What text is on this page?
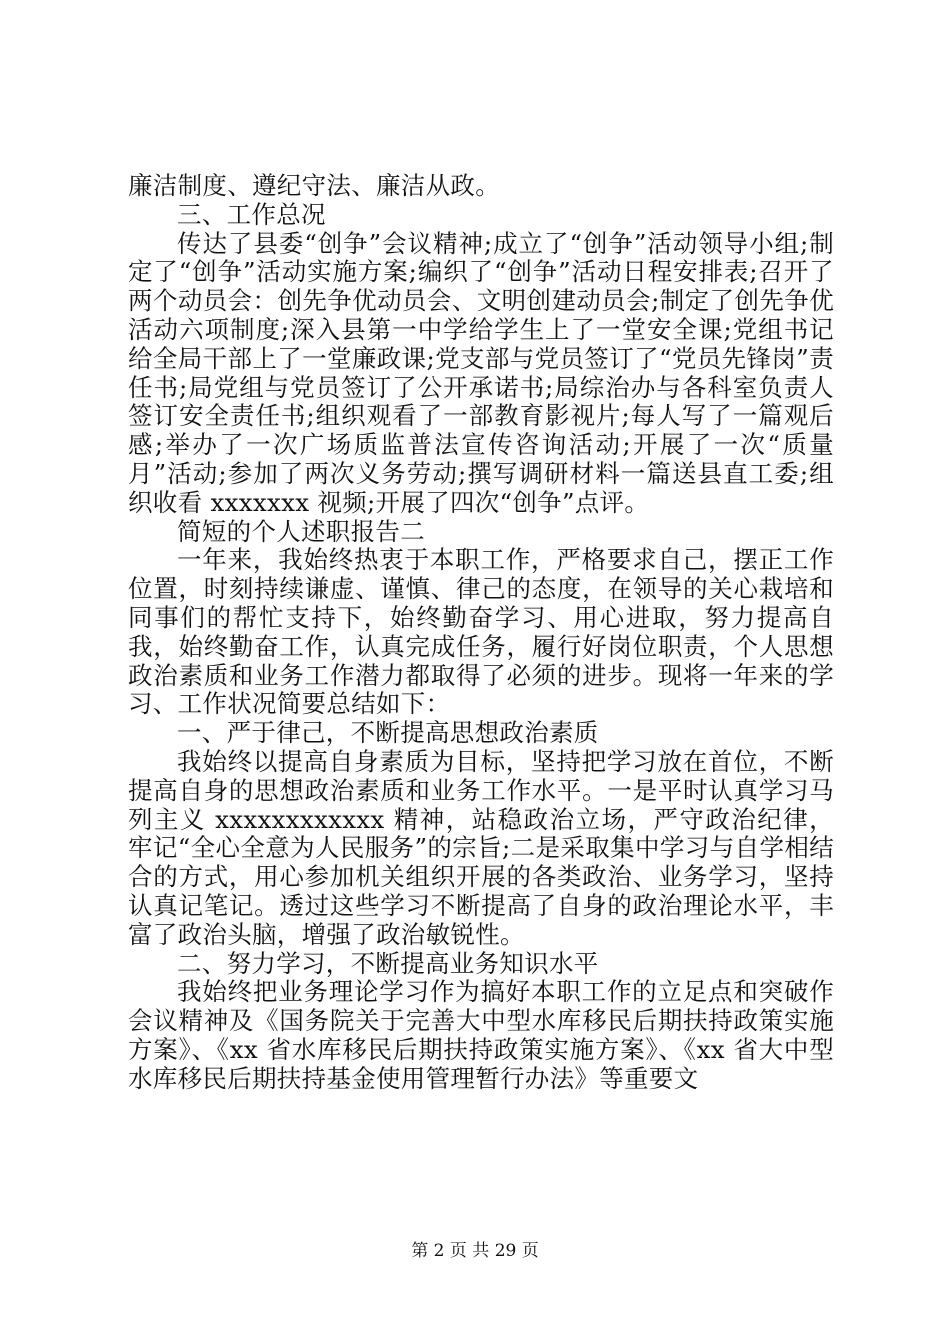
廉洁制度、遵纪守法、廉洁从政。

三、工作总况

传达了县委“创争”会议精神;成立了“创争”活动领导小组;制定了“创争”活动实施方案;编织了“创争”活动日程安排表;召开了两个动员会：创先争优动员会、文明创建动员会;制定了创先争优活动六项制度;深入县第一中学给学生上了一堂安全课;党组书记给全局干部上了一堂廉政课;党支部与党员签订了“党员先锋岗”责任书;局党组与党员签订了公开承诺书;局综治办与各科室负责人签订安全责任书;组织观看了一部教育影视片;每人写了一篇观后感;举办了一次广场质监普法宣传咨询活动;开展了一次“质量月”活动;参加了两次义务劳动;撰写调研材料一篇送县直工委;组织收看 xxxxxxx 视频;开展了四次“创争”点评。

简短的个人述职报告二

一年来，我始终热衷于本职工作，严格要求自己，摆正工作位置，时刻持续谦虚、谨慎、律己的态度，在领导的关心栽培和同事们的帮忙支持下，始终勤奋学习、用心进取，努力提高自我，始终勤奋工作，认真完成任务，履行好岗位职责，个人思想政治素质和业务工作潜力都取得了必须的进步。现将一年来的学习、工作状况简要总结如下：

一、严于律己，不断提高思想政治素质

我始终以提高自身素质为目标，坚持把学习放在首位，不断提高自身的思想政治素质和业务工作水平。一是平时认真学习马列主义 xxxxxxxxxxxx 精神，站稳政治立场，严守政治纪律，牢记“全心全意为人民服务”的宗旨;二是采取集中学习与自学相结合的方式，用心参加机关组织开展的各类政治、业务学习，坚持认真记笔记。透过这些学习不断提高了自身的政治理论水平，丰富了政治头脑，增强了政治敏锐性。

二、努力学习，不断提高业务知识水平

我始终把业务理论学习作为搞好本职工作的立足点和突破作会议精神及《国务院关于完善大中型水库移民后期扶持政策实施方案》、《xx 省水库移民后期扶持政策实施方案》、《xx 省大中型水库移民后期扶持基金使用管理暂行办法》等重要文

第 2 页 共 29 页
